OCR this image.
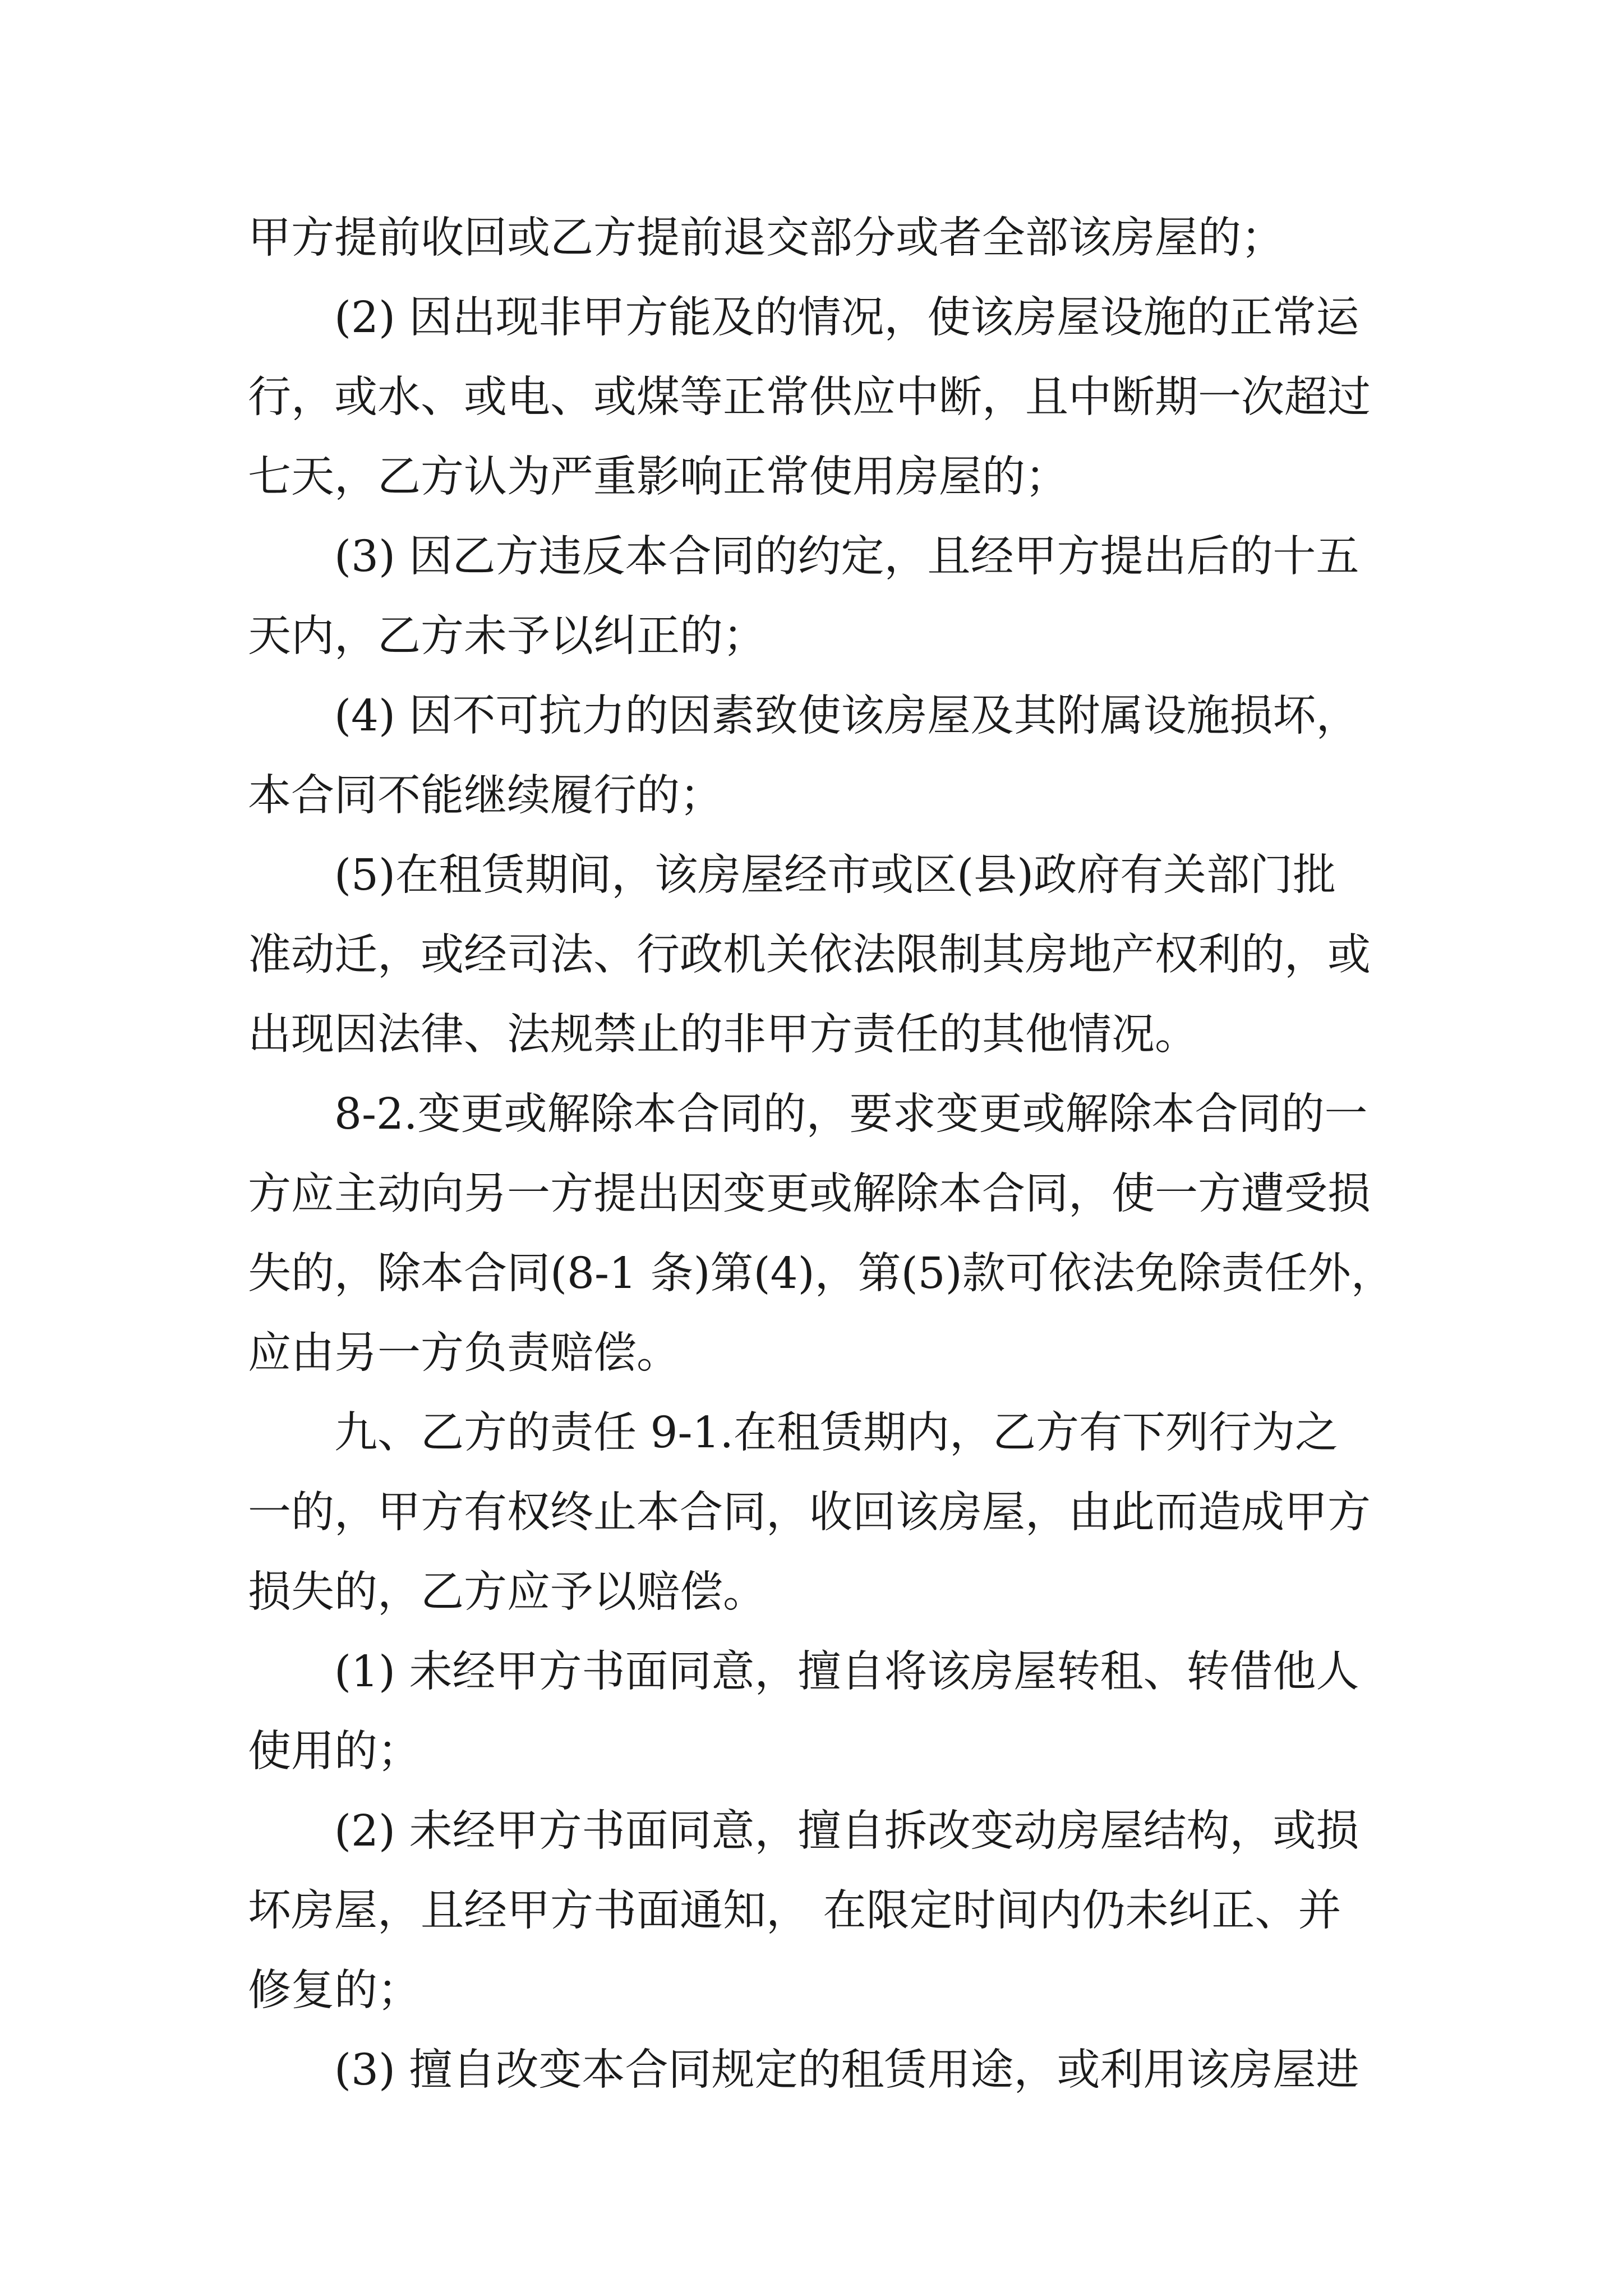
甲方提前收回或乙方提前退交部分或者全部该房屋的；
(2) 因出现非甲方能及的情况，使该房屋设施的正常运
行，或水、或电、或煤等正常供应中断，且中断期一次超过
七天，乙方认为严重影响正常使用房屋的；
(3) 因乙方违反本合同的约定，且经甲方提出后的十五
天内，乙方未予以纠正的；
(4) 因不可抗力的因素致使该房屋及其附属设施损坏，
本合同不能继续履行的；
(5)在租赁期间，该房屋经市或区(县)政府有关部门批
准动迁，或经司法、行政机关依法限制其房地产权利的，或
出现因法律、法规禁止的非甲方责任的其他情况。
8-2.变更或解除本合同的，要求变更或解除本合同的一
方应主动向另一方提出因变更或解除本合同，使一方遭受损
失的，除本合同(8-1 条)第(4)，第(5)款可依法免除责任外，
应由另一方负责赔偿。
九、乙方的责任 9-1.在租赁期内，乙方有下列行为之
一的，甲方有权终止本合同，收回该房屋，由此而造成甲方
损失的，乙方应予以赔偿。
(1) 未经甲方书面同意，擅自将该房屋转租、转借他人
使用的；
(2) 未经甲方书面同意，擅自拆改变动房屋结构，或损
坏房屋，且经甲方书面通知， 在限定时间内仍未纠正、并
修复的；
(3) 擅自改变本合同规定的租赁用途，或利用该房屋进
